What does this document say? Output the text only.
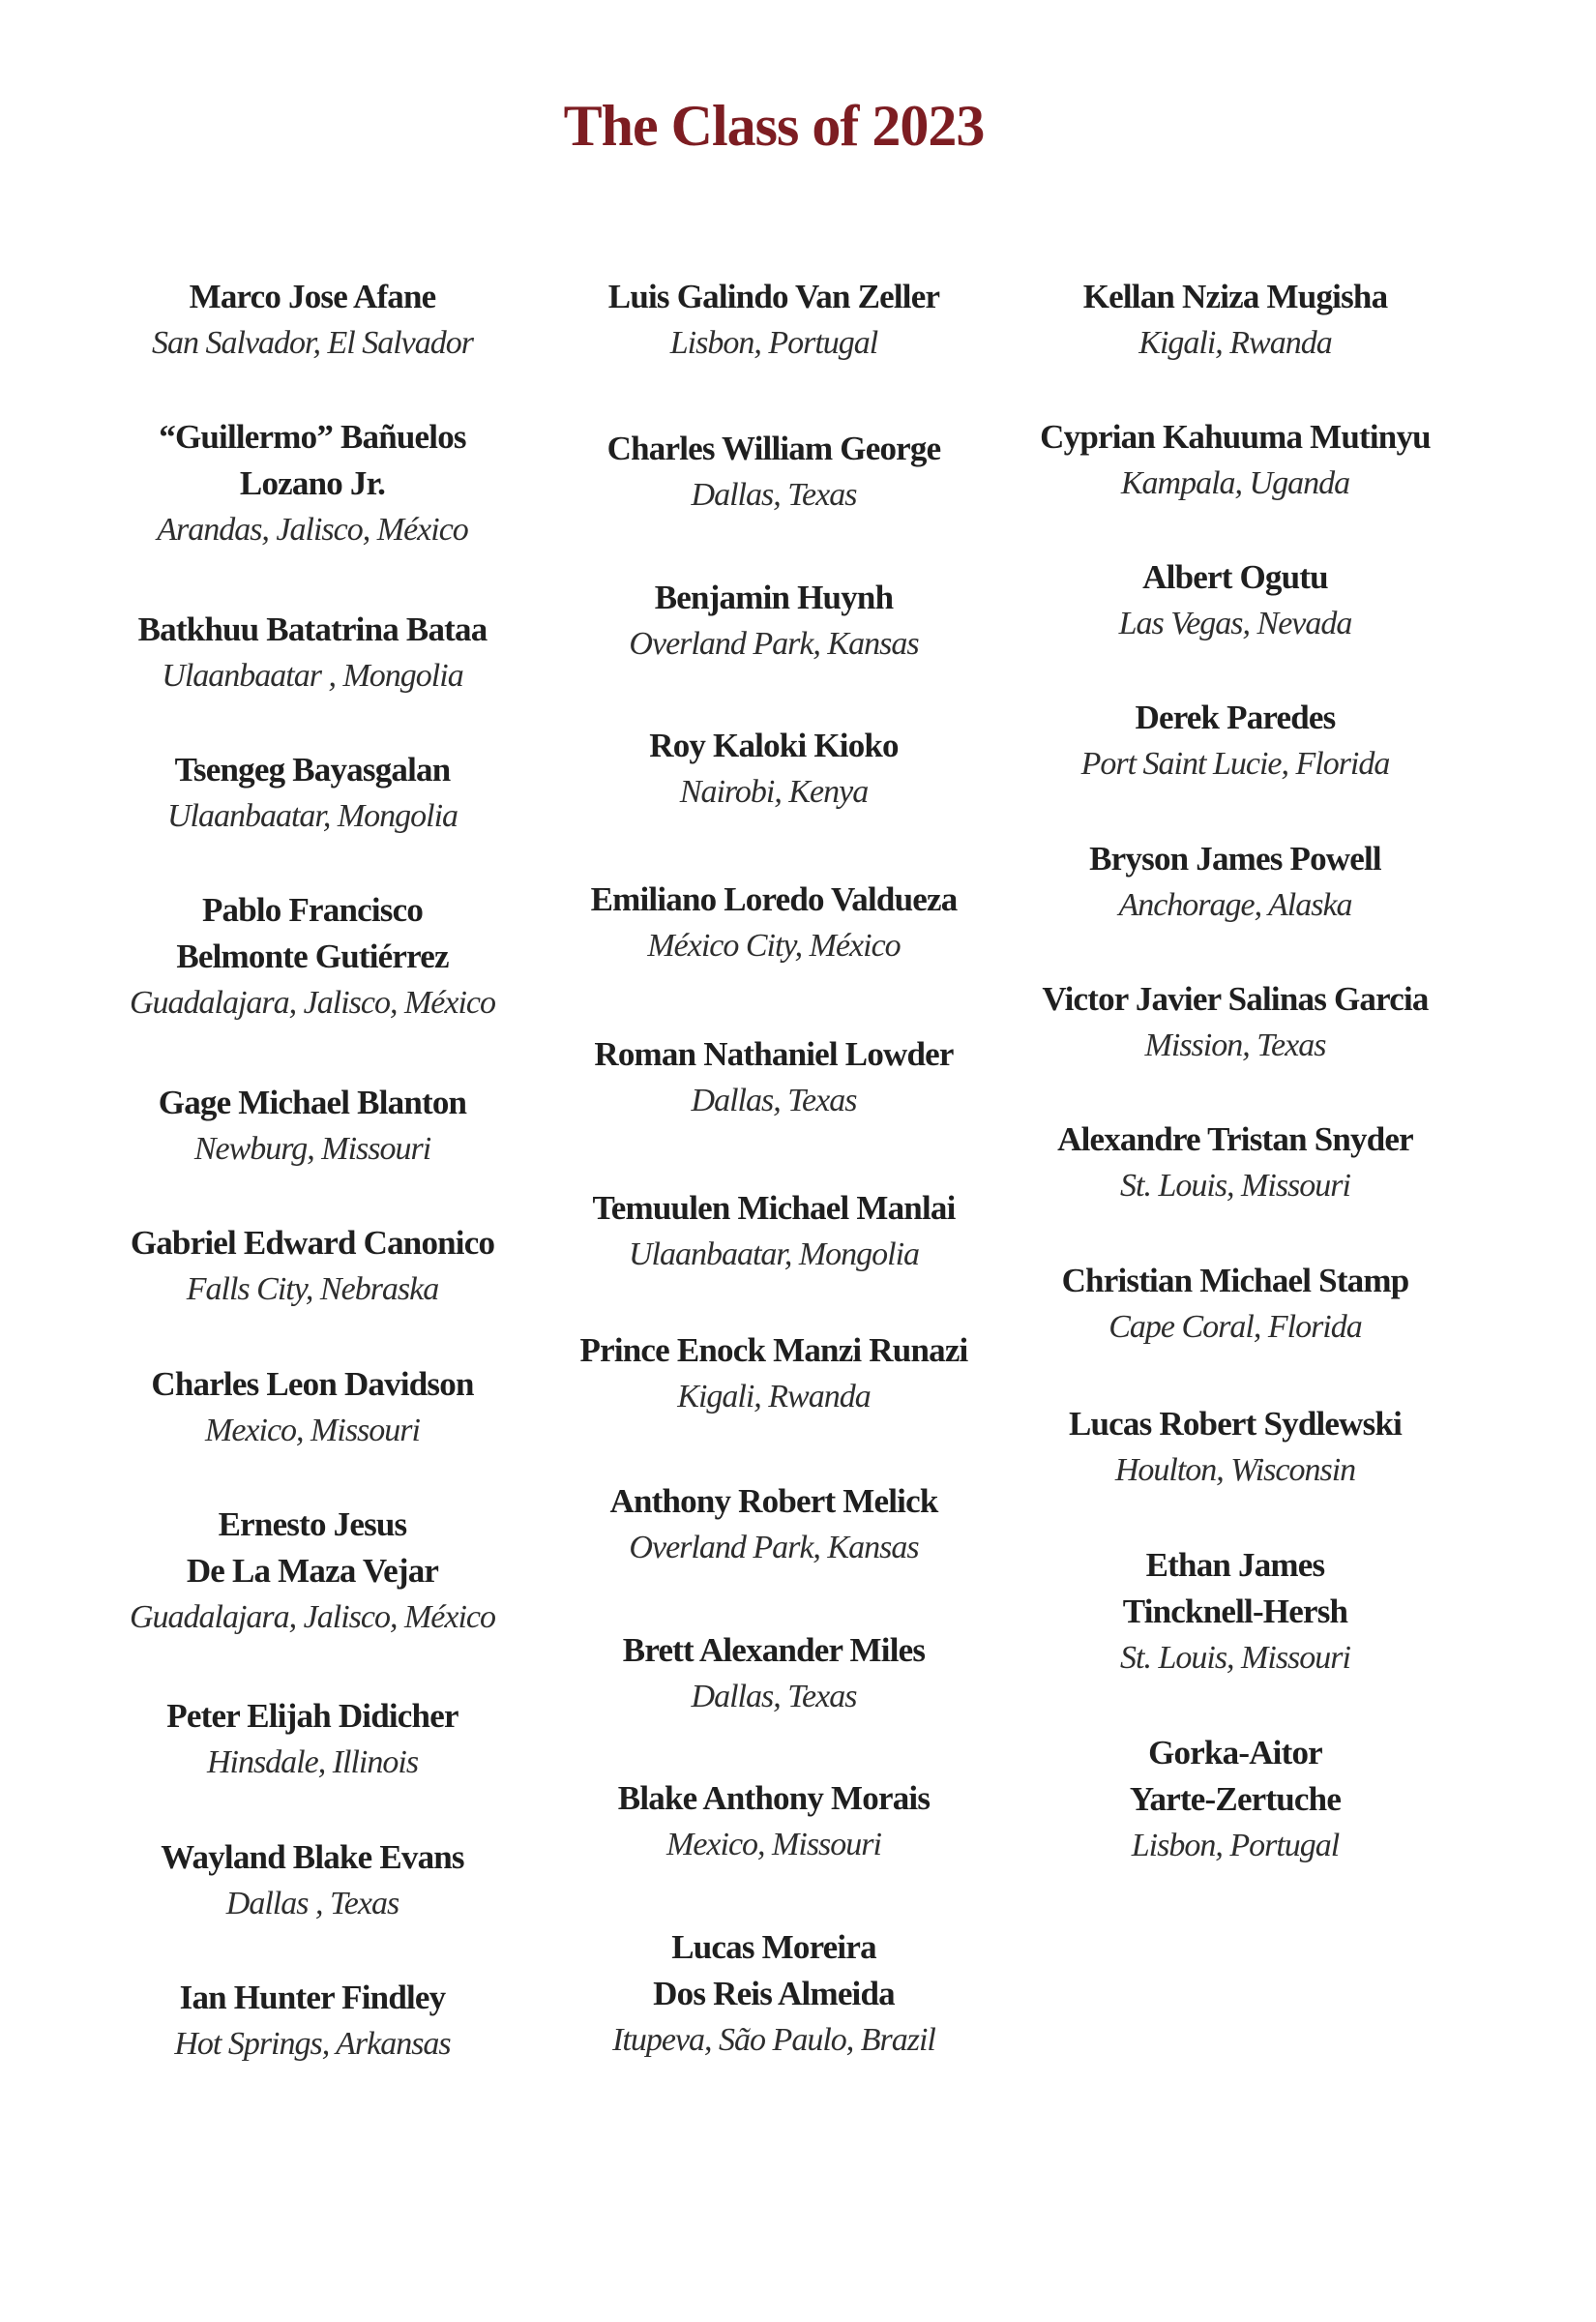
The Class of 2023
Marco Jose Afane
San Salvador, El Salvador
“Guillermo” Bañuelos
Lozano Jr.
Arandas, Jalisco, México
Batkhuu Batatrina Bataa
Ulaanbaatar , Mongolia
Tsengeg Bayasgalan
Ulaanbaatar, Mongolia
Pablo Francisco
Belmonte Gutiérrez
Guadalajara, Jalisco, México
Gage Michael Blanton
Newburg, Missouri
Gabriel Edward Canonico
Falls City, Nebraska
Charles Leon Davidson
Mexico, Missouri
Ernesto Jesus
De La Maza Vejar
Guadalajara, Jalisco, México
Peter Elijah Didicher
Hinsdale, Illinois
Wayland Blake Evans
Dallas , Texas
Ian Hunter Findley
Hot Springs, Arkansas
Luis Galindo Van Zeller
Lisbon, Portugal
Charles William George
Dallas, Texas
Benjamin Huynh
Overland Park, Kansas
Roy Kaloki Kioko
Nairobi, Kenya
Emiliano Loredo Valdueza
México City, México
Roman Nathaniel Lowder
Dallas, Texas
Temuulen Michael Manlai
Ulaanbaatar, Mongolia
Prince Enock Manzi Runazi
Kigali, Rwanda
Anthony Robert Melick
Overland Park, Kansas
Brett Alexander Miles
Dallas, Texas
Blake Anthony Morais
Mexico, Missouri
Lucas Moreira
Dos Reis Almeida
Itupeva, São Paulo, Brazil
Kellan Nziza Mugisha
Kigali, Rwanda
Cyprian Kahuuma Mutinyu
Kampala, Uganda
Albert Ogutu
Las Vegas, Nevada
Derek Paredes
Port Saint Lucie, Florida
Bryson James Powell
Anchorage, Alaska
Victor Javier Salinas Garcia
Mission, Texas
Alexandre Tristan Snyder
St. Louis, Missouri
Christian Michael Stamp
Cape Coral, Florida
Lucas Robert Sydlewski
Houlton, Wisconsin
Ethan James
Tincknell-Hersh
St. Louis, Missouri
Gorka-Aitor
Yarte-Zertuche
Lisbon, Portugal
